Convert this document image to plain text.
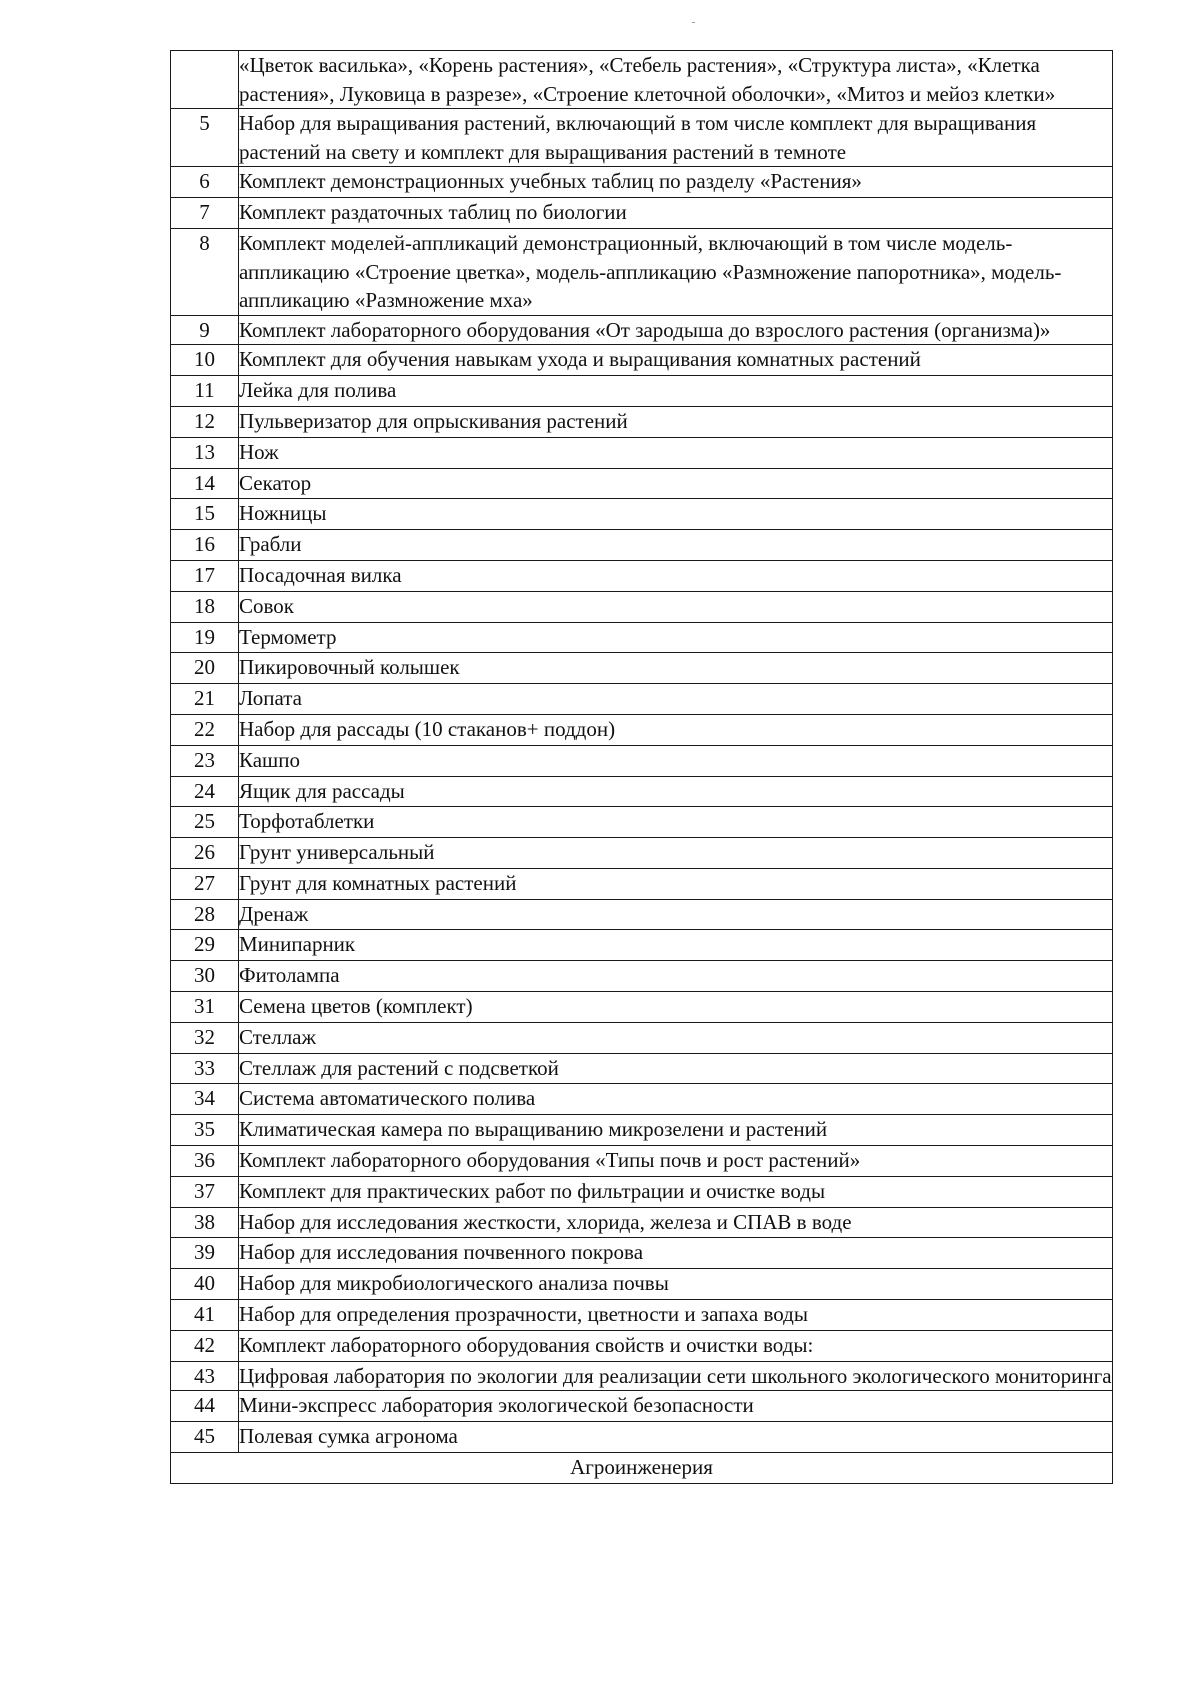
	«Цветок василька», «Корень растения», «Стебель растения», «Структура листа», «Клетка растения», Луковица в разрезе», «Строение клеточной оболочки», «Митоз и мейоз клетки»
5	Набор для выращивания растений, включающий в том числе комплект для выращивания растений на свету и комплект для выращивания растений в темноте
6	Комплект демонстрационных учебных таблиц по разделу «Растения»
7	Комплект раздаточных таблиц по биологии
8	Комплект моделей-аппликаций демонстрационный, включающий в том числе модель-аппликацию «Строение цветка», модель-аппликацию «Размножение папоротника», модель-аппликацию «Размножение мха»
9	Комплект лабораторного оборудования «От зародыша до взрослого растения (организма)»
10	Комплект для обучения навыкам ухода и выращивания комнатных растений
11	Лейка для полива
12	Пульверизатор для опрыскивания растений
13	Нож
14	Секатор
15	Ножницы
16	Грабли
17	Посадочная вилка
18	Совок
19	Термометр
20	Пикировочный колышек
21	Лопата
22	Набор для рассады (10 стаканов+ поддон)
23	Кашпо
24	Ящик для рассады
25	Торфотаблетки
26	Грунт универсальный
27	Грунт для комнатных растений
28	Дренаж
29	Минипарник
30	Фитолампа
31	Семена цветов (комплект)
32	Стеллаж
33	Стеллаж для растений с подсветкой
34	Система автоматического полива
35	Климатическая камера по выращиванию микрозелени и растений
36	Комплект лабораторного оборудования «Типы почв и рост растений»
37	Комплект для практических работ по фильтрации и очистке воды
38	Набор для исследования жесткости, хлорида, железа и СПАВ в воде
39	Набор для исследования почвенного покрова
40	Набор для микробиологического анализа почвы
41	Набор для определения прозрачности, цветности и запаха воды
42	Комплект лабораторного оборудования свойств и очистки воды:
43	Цифровая лаборатория по экологии для реализации сети школьного экологического мониторинга
44	Мини-экспресс лаборатория экологической безопасности
45	Полевая сумка агронома
Агроинженерия	
